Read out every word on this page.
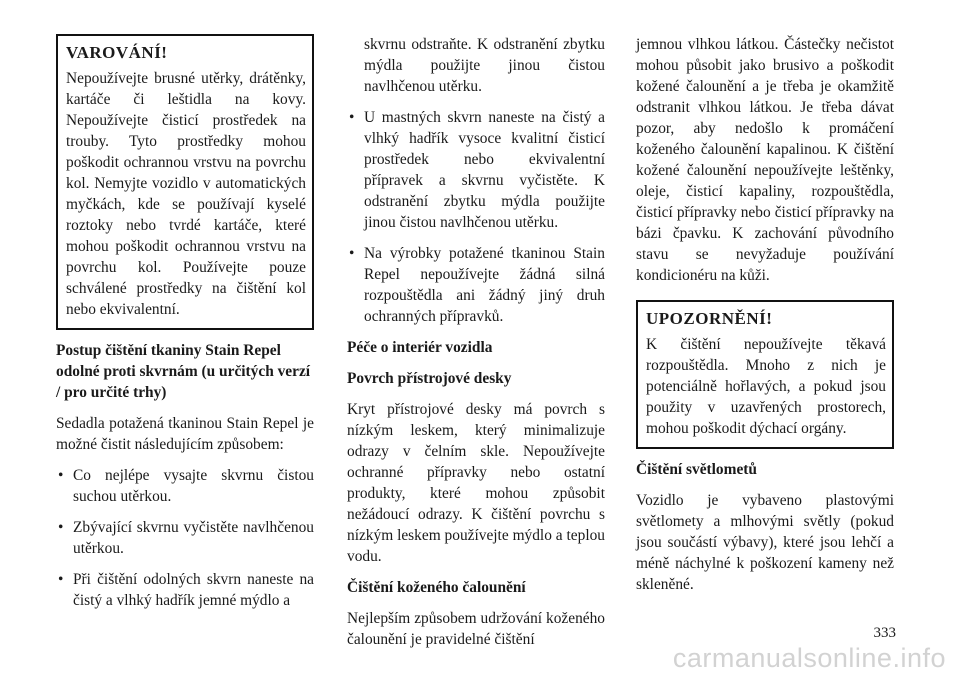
VAROVÁNÍ!

Nepoužívejte brusné utěrky, drátěnky, kartáče či leštidla na kovy. Nepoužívejte čisticí prostředek na trouby. Tyto prostředky mohou poškodit ochrannou vrstvu na povrchu kol. Nemyjte vozidlo v automatických myčkách, kde se používají kyselé roztoky nebo tvrdé kartáče, které mohou poškodit ochrannou vrstvu na povrchu kol. Používejte pouze schválené prostředky na čištění kol nebo ekvivalentní.

Postup čištění tkaniny Stain Repel odolné proti skvrnám (u určitých verzí / pro určité trhy)

Sedadla potažená tkaninou Stain Repel je možné čistit následujícím způsobem:

• Co nejlépe vysajte skvrnu čistou suchou utěrkou.
• Zbývající skvrnu vyčistěte navlhčenou utěrkou.
• Při čištění odolných skvrn naneste na čistý a vlhký hadřík jemné mýdlo a
skvrnu odstraňte. K odstranění zbytku mýdla použijte jinou čistou navlhčenou utěrku.
• U mastných skvrn naneste na čistý a vlhký hadřík vysoce kvalitní čisticí prostředek nebo ekvivalentní přípravek a skvrnu vyčistěte. K odstranění zbytku mýdla použijte jinou čistou navlhčenou utěrku.
• Na výrobky potažené tkaninou Stain Repel nepoužívejte žádná silná rozpouštědla ani žádný jiný druh ochranných přípravků.

Péče o interiér vozidla

Povrch přístrojové desky

Kryt přístrojové desky má povrch s nízkým leskem, který minimalizuje odrazy v čelním skle. Nepoužívejte ochranné přípravky nebo ostatní produkty, které mohou způsobit nežádoucí odrazy. K čištění povrchu s nízkým leskem používejte mýdlo a teplou vodu.

Čištění koženého čalounění

Nejlepším způsobem udržování koženého čalounění je pravidelné čištění

jemnou vlhkou látkou. Částečky nečistot mohou působit jako brusivo a poškodit kožené čalounění a je třeba je okamžitě odstranit vlhkou látkou. Je třeba dávat pozor, aby nedošlo k promáčení koženého čalounění kapalinou. K čištění kožené čalounění nepoužívejte leštěnky, oleje, čisticí kapaliny, rozpouštědla, čisticí přípravky nebo čisticí přípravky na bázi čpavku. K zachování původního stavu se nevyžaduje používání kondicionéru na kůži.

UPOZORNĚNÍ!

K čištění nepoužívejte těkavá rozpouštědla. Mnoho z nich je potenciálně hořlavých, a pokud jsou použity v uzavřených prostorech, mohou poškodit dýchací orgány.

Čištění světlometů

Vozidlo je vybaveno plastovými světlomety a mlhovými světly (pokud jsou součástí výbavy), které jsou lehčí a méně náchylné k poškození kameny než skleněné.

333
carmanualsonline.info
